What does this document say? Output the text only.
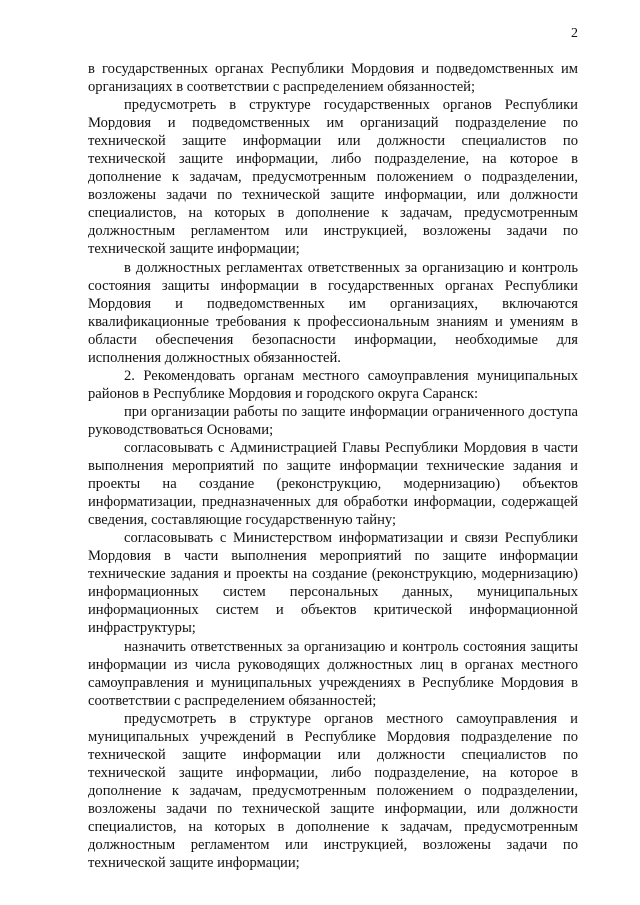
2

в государственных органах Республики Мордовия и подведомственных им организациях в соответствии с распределением обязанностей;

предусмотреть в структуре государственных органов Республики Мордовия и подведомственных им организаций подразделение по технической защите информации или должности специалистов по технической защите информации, либо подразделение, на которое в дополнение к задачам, предусмотренным положением о подразделении, возложены задачи по технической защите информации, или должности специалистов, на которых в дополнение к задачам, предусмотренным должностным регламентом или инструкцией, возложены задачи по технической защите информации;

в должностных регламентах ответственных за организацию и контроль состояния защиты информации в государственных органах Республики Мордовия и подведомственных им организациях, включаются квалификационные требования к профессиональным знаниям и умениям в области обеспечения безопасности информации, необходимые для исполнения должностных обязанностей.

2. Рекомендовать органам местного самоуправления муниципальных районов в Республике Мордовия и городского округа Саранск:

при организации работы по защите информации ограниченного доступа руководствоваться Основами;

согласовывать с Администрацией Главы Республики Мордовия в части выполнения мероприятий по защите информации технические задания и проекты на создание (реконструкцию, модернизацию) объектов информатизации, предназначенных для обработки информации, содержащей сведения, составляющие государственную тайну;

согласовывать с Министерством информатизации и связи Республики Мордовия в части выполнения мероприятий по защите информации технические задания и проекты на создание (реконструкцию, модернизацию) информационных систем персональных данных, муниципальных информационных систем и объектов критической информационной инфраструктуры;

назначить ответственных за организацию и контроль состояния защиты информации из числа руководящих должностных лиц в органах местного самоуправления и муниципальных учреждениях в Республике Мордовия в соответствии с распределением обязанностей;

предусмотреть в структуре органов местного самоуправления и муниципальных учреждений в Республике Мордовия подразделение по технической защите информации или должности специалистов по технической защите информации, либо подразделение, на которое в дополнение к задачам, предусмотренным положением о подразделении, возложены задачи по технической защите информации, или должности специалистов, на которых в дополнение к задачам, предусмотренным должностным регламентом или инструкцией, возложены задачи по технической защите информации;
